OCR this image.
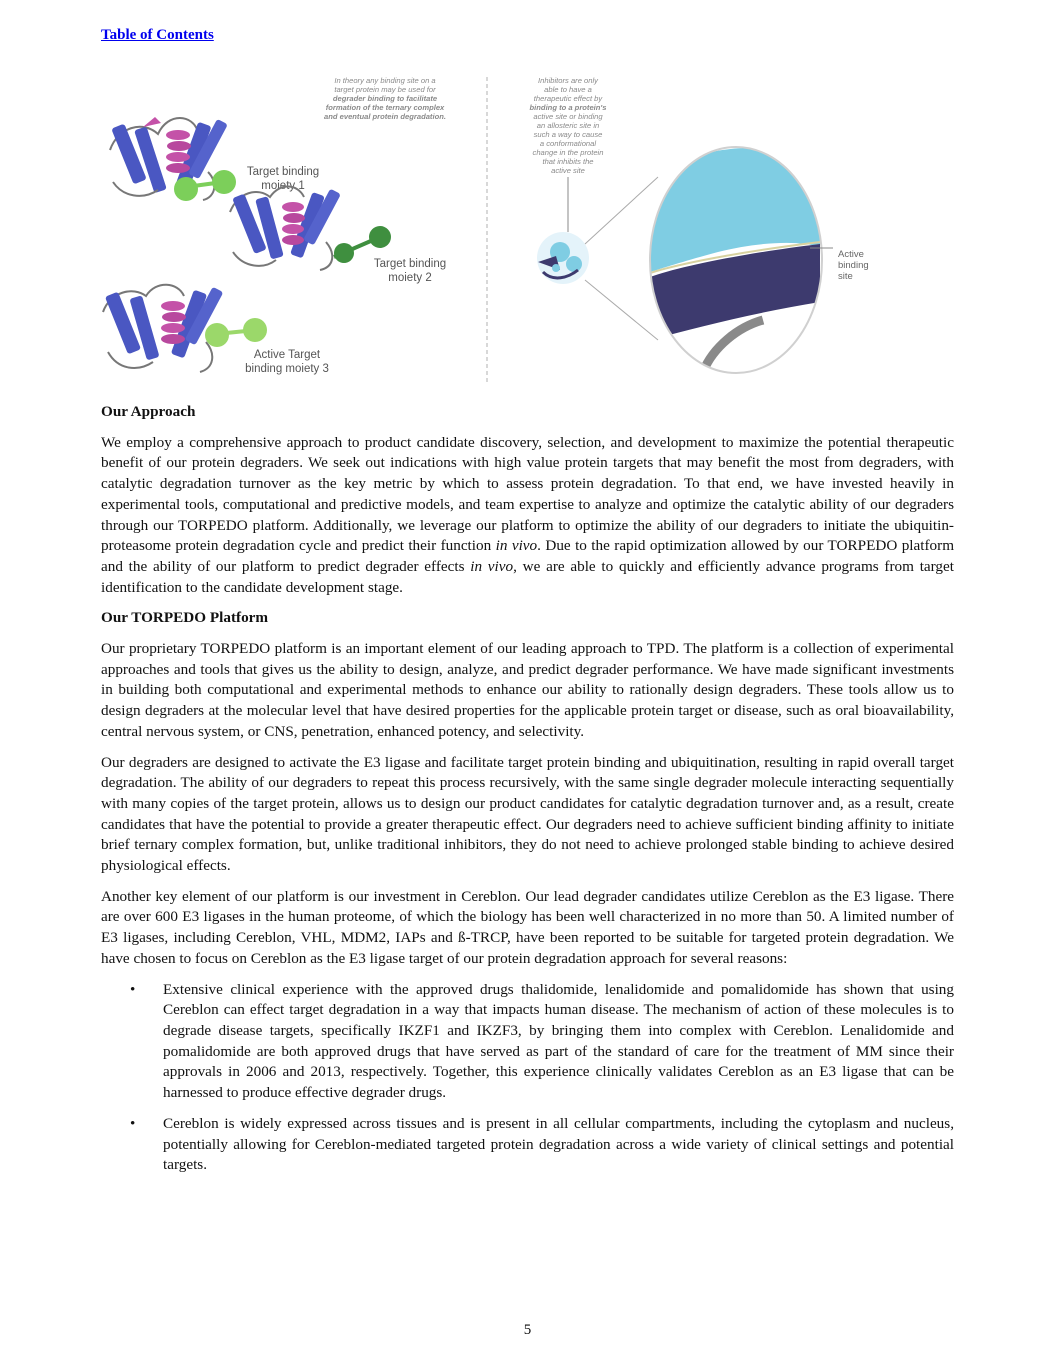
Table of Contents
In theory any binding site on a
target protein may be used for
degrader binding to facilitate
formation of the ternary complex
and eventual protein degradation.
Target binding
moiety 1
Target binding
moiety 2
Active Target
binding moiety 3
Inhibitors are only
able to have a
therapeutic effect by
binding to a protein's
active site or binding
an allosteric site in
such a way to cause
a conformational
change in the protein
that inhibits the
active site
Active
binding
site
Our Approach

We employ a comprehensive approach to product candidate discovery, selection, and development to maximize the potential therapeutic benefit of our protein degraders. We seek out indications with high value protein targets that may benefit the most from degraders, with catalytic degradation turnover as the key metric by which to assess protein degradation. To that end, we have invested heavily in experimental tools, computational and predictive models, and team expertise to analyze and optimize the catalytic ability of our degraders through our TORPEDO platform. Additionally, we leverage our platform to optimize the ability of our degraders to initiate the ubiquitin-proteasome protein degradation cycle and predict their function in vivo. Due to the rapid optimization allowed by our TORPEDO platform and the ability of our platform to predict degrader effects in vivo, we are able to quickly and efficiently advance programs from target identification to the candidate development stage.

Our TORPEDO Platform

Our proprietary TORPEDO platform is an important element of our leading approach to TPD. The platform is a collection of experimental approaches and tools that gives us the ability to design, analyze, and predict degrader performance. We have made significant investments in building both computational and experimental methods to enhance our ability to rationally design degraders. These tools allow us to design degraders at the molecular level that have desired properties for the applicable protein target or disease, such as oral bioavailability, central nervous system, or CNS, penetration, enhanced potency, and selectivity.

Our degraders are designed to activate the E3 ligase and facilitate target protein binding and ubiquitination, resulting in rapid overall target degradation. The ability of our degraders to repeat this process recursively, with the same single degrader molecule interacting sequentially with many copies of the target protein, allows us to design our product candidates for catalytic degradation turnover and, as a result, create candidates that have the potential to provide a greater therapeutic effect. Our degraders need to achieve sufficient binding affinity to initiate brief ternary complex formation, but, unlike traditional inhibitors, they do not need to achieve prolonged stable binding to achieve desired physiological effects.

Another key element of our platform is our investment in Cereblon. Our lead degrader candidates utilize Cereblon as the E3 ligase. There are over 600 E3 ligases in the human proteome, of which the biology has been well characterized in no more than 50. A limited number of E3 ligases, including Cereblon, VHL, MDM2, IAPs and ß-TRCP, have been reported to be suitable for targeted protein degradation. We have chosen to focus on Cereblon as the E3 ligase target of our protein degradation approach for several reasons:

• Extensive clinical experience with the approved drugs thalidomide, lenalidomide and pomalidomide has shown that using Cereblon can effect target degradation in a way that impacts human disease. The mechanism of action of these molecules is to degrade disease targets, specifically IKZF1 and IKZF3, by bringing them into complex with Cereblon. Lenalidomide and pomalidomide are both approved drugs that have served as part of the standard of care for the treatment of MM since their approvals in 2006 and 2013, respectively. Together, this experience clinically validates Cereblon as an E3 ligase that can be harnessed to produce effective degrader drugs.
• Cereblon is widely expressed across tissues and is present in all cellular compartments, including the cytoplasm and nucleus, potentially allowing for Cereblon-mediated targeted protein degradation across a wide variety of clinical settings and potential targets.
5
